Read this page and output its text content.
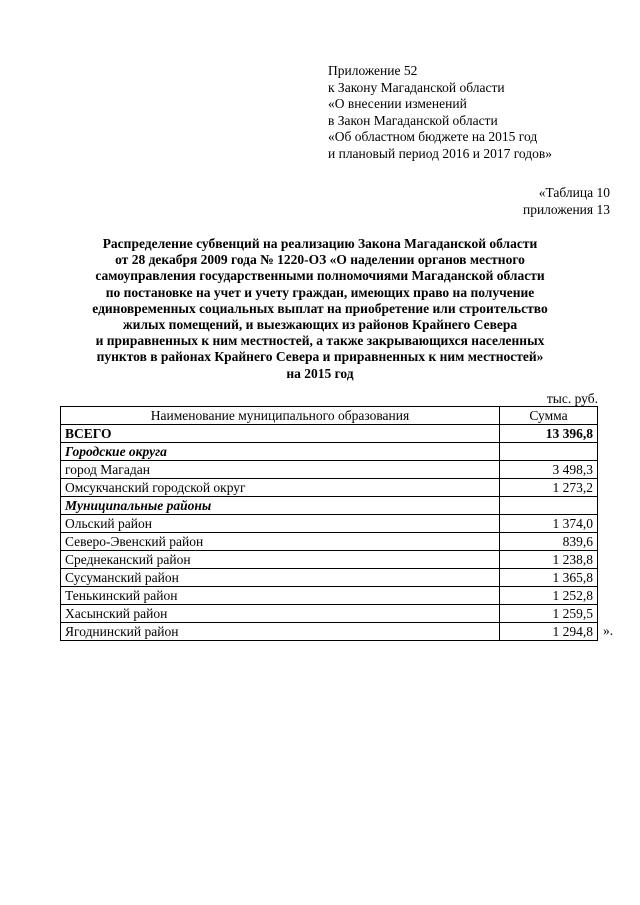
Приложение 52
к Закону Магаданской области
«О внесении изменений
в Закон Магаданской области
«Об областном бюджете на 2015 год
и плановый период 2016 и 2017 годов»
«Таблица 10
приложения 13
Распределение субвенций на реализацию Закона Магаданской области
от 28 декабря 2009 года № 1220-ОЗ «О наделении органов местного
самоуправления государственными полномочиями Магаданской области
по постановке на учет и учету граждан, имеющих право на получение
единовременных социальных выплат на приобретение или строительство
жилых помещений, и выезжающих из районов Крайнего Севера
и приравненных к ним местностей, а также закрывающихся населенных
пунктов в районах Крайнего Севера и приравненных к ним местностей»
на 2015 год
тыс. руб.
Наименование муниципального образования	Сумма
ВСЕГО	13 396,8
Городские округа	
город Магадан	3 498,3
Омсукчанский городской округ	1 273,2
Муниципальные районы	
Ольский район	1 374,0
Северо-Эвенский район	839,6
Среднеканский район	1 238,8
Сусуманский район	1 365,8
Тенькинский район	1 252,8
Хасынский район	1 259,5
Ягоднинский район	1 294,8 ».
